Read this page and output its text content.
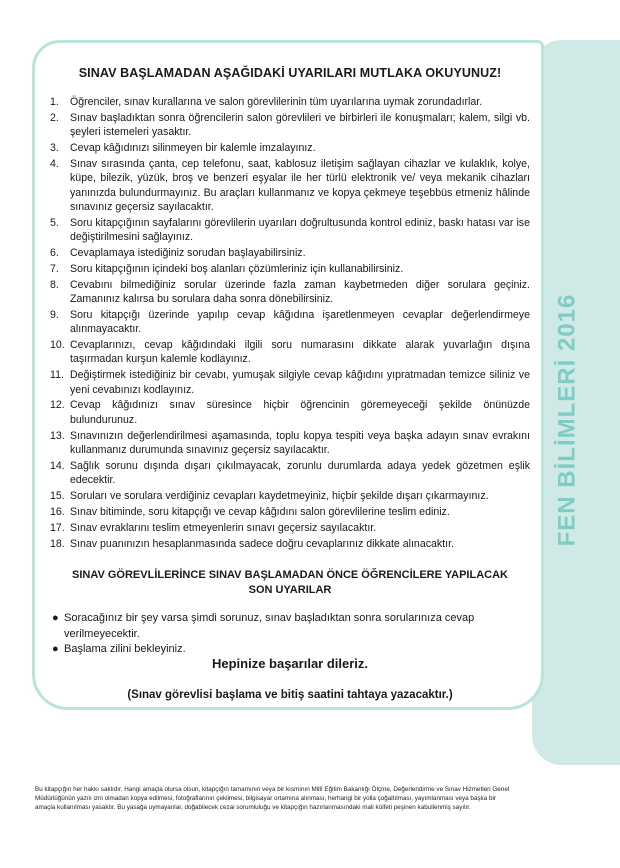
FEN BİLİMLERİ 2016
SINAV BAŞLAMADAN AŞAĞIDAKİ UYARILARI MUTLAKA OKUYUNUZ!
1.	Öğrenciler, sınav kurallarına ve salon görevlilerinin tüm uyarılarına uymak zorundadırlar.
2.	Sınav başladıktan sonra öğrencilerin salon görevlileri ve birbirleri ile konuşmaları; kalem, silgi vb. şeyleri istemeleri yasaktır.
3.	Cevap kâğıdınızı silinmeyen bir kalemle imzalayınız.
4.	Sınav sırasında çanta, cep telefonu, saat, kablosuz iletişim sağlayan cihazlar ve kulaklık, kolye, küpe, bilezik, yüzük, broş ve benzeri eşyalar ile her türlü elektronik ve/ veya mekanik cihazları yanınızda bulundurmayınız. Bu araçları kullanmanız ve kopya çekmeye teşebbüs etmeniz hâlinde sınavınız geçersiz sayılacaktır.
5.	Soru kitapçığının sayfalarını görevlilerin uyarıları doğrultusunda kontrol ediniz, baskı hatası var ise değiştirilmesini sağlayınız.
6.	Cevaplamaya istediğiniz sorudan başlayabilirsiniz.
7.	Soru kitapçığının içindeki boş alanları çözümleriniz için kullanabilirsiniz.
8.	Cevabını bilmediğiniz sorular üzerinde fazla zaman kaybetmeden diğer sorulara geçiniz. Zamanınız kalırsa bu sorulara daha sonra dönebilirsiniz.
9.	Soru kitapçığı üzerinde yapılıp cevap kâğıdına işaretlenmeyen cevaplar değerlendirmeye alınmayacaktır.
10. Cevaplarınızı, cevap kâğıdındaki ilgili soru numarasını dikkate alarak yuvarlağın dışına taşırmadan kurşun kalemle kodlayınız.
11. Değiştirmek istediğiniz bir cevabı, yumuşak silgiyle cevap kâğıdını yıpratmadan temizce siliniz ve yeni cevabınızı kodlayınız.
12. Cevap kâğıdınızı sınav süresince hiçbir öğrencinin göremeyeceği şekilde önünüzde bulundurunuz.
13. Sınavınızın değerlendirilmesi aşamasında, toplu kopya tespiti veya başka adayın sınav evrakını kullanmanız durumunda sınavınız geçersiz sayılacaktır.
14. Sağlık sorunu dışında dışarı çıkılmayacak, zorunlu durumlarda adaya yedek gözetmen eşlik edecektir.
15. Soruları ve sorulara verdiğiniz cevapları kaydetmeyiniz, hiçbir şekilde dışarı çıkarmayınız.
16. Sınav bitiminde, soru kitapçığı ve cevap kâğıdını salon görevlilerine teslim ediniz.
17. Sınav evraklarını teslim etmeyenlerin sınavı geçersiz sayılacaktır.
18. Sınav puanınızın hesaplanmasında sadece doğru cevaplarınız dikkate alınacaktır.
SINAV GÖREVLİLERİNCE SINAV BAŞLAMADAN ÖNCE ÖĞRENCİLERE YAPILACAK
SON UYARILAR
● Soracağınız bir şey varsa şimdi sorunuz, sınav başladıktan sonra sorularınıza cevap verilmeyecektir.
● Başlama zilini bekleyiniz.
Hepinize başarılar dileriz.
(Sınav görevlisi başlama ve bitiş saatini tahtaya yazacaktır.)
Bu kitapçığın her hakkı saklıdır. Hangi amaçla olursa olsun, kitapçığın tamamının veya bir kısmının Millî Eğitim Bakanlığı Ölçme, Değerlendirme ve Sınav Hizmetleri Genel Müdürlüğünün yazılı izni olmadan kopya edilmesi, fotoğraflarının çekilmesi, bilgisayar ortamına alınması, herhangi bir yolla çoğaltılması, yayımlanması veya başka bir amaçla kullanılması yasaktır. Bu yasağa uymayanlar, doğabilecek cezai sorumluluğu ve kitapçığın hazırlanmasındaki mali külfeti peşinen kabullenmiş sayılır.
